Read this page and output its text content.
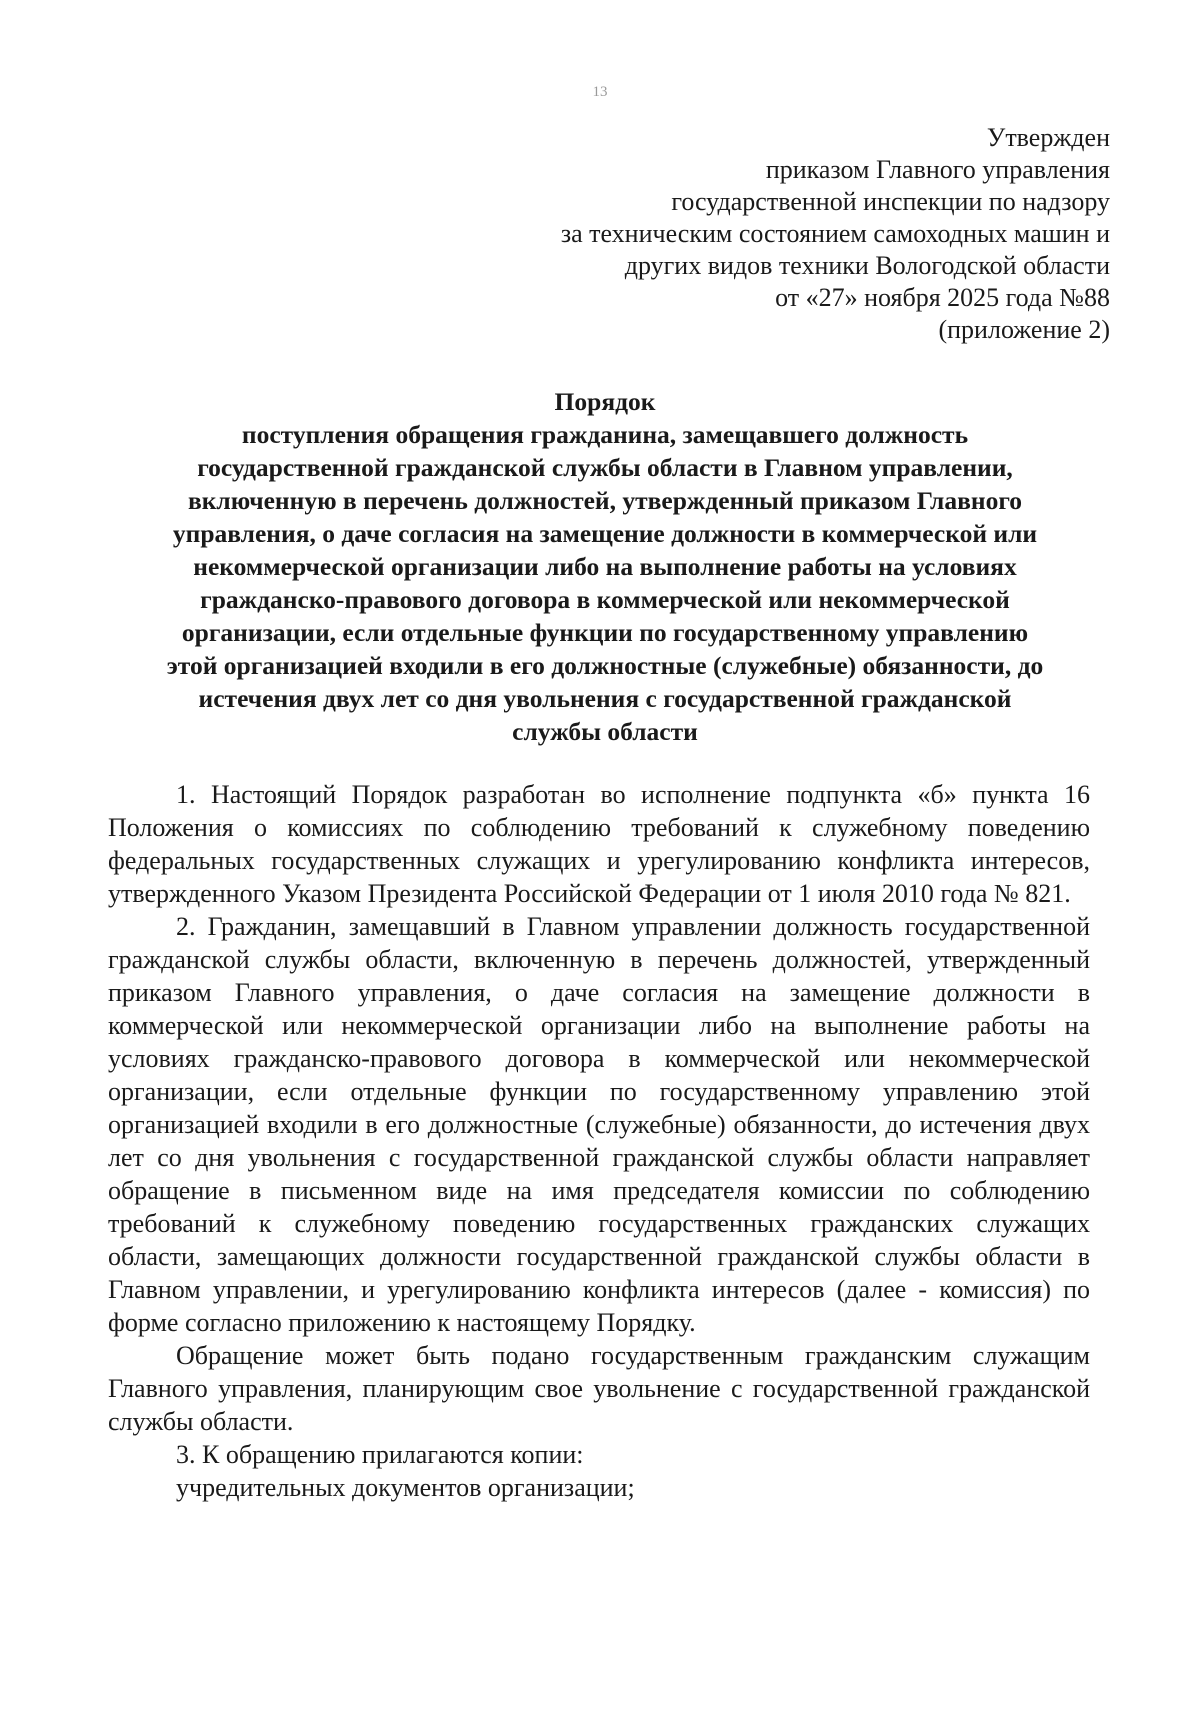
13
Утвержден
приказом Главного управления
государственной инспекции по надзору
за техническим состоянием самоходных машин и
других видов техники Вологодской области
от «27» ноября 2025 года №88
(приложение 2)
Порядок
поступления обращения гражданина, замещавшего должность
государственной гражданской службы области в Главном управлении,
включенную в перечень должностей, утвержденный приказом Главного
управления, о даче согласия на замещение должности в коммерческой или
некоммерческой организации либо на выполнение работы на условиях
гражданско-правового договора в коммерческой или некоммерческой
организации, если отдельные функции по государственному управлению
этой организацией входили в его должностные (служебные) обязанности, до
истечения двух лет со дня увольнения с государственной гражданской
службы области

1. Настоящий Порядок разработан во исполнение подпункта «б» пункта 16 Положения о комиссиях по соблюдению требований к служебному поведению федеральных государственных служащих и урегулированию конфликта интересов, утвержденного Указом Президента Российской Федерации от 1 июля 2010 года № 821.

2. Гражданин, замещавший в Главном управлении должность государственной гражданской службы области, включенную в перечень должностей, утвержденный приказом Главного управления, о даче согласия на замещение должности в коммерческой или некоммерческой организации либо на выполнение работы на условиях гражданско-правового договора в коммерческой или некоммерческой организации, если отдельные функции по государственному управлению этой организацией входили в его должностные (служебные) обязанности, до истечения двух лет со дня увольнения с государственной гражданской службы области направляет обращение в письменном виде на имя председателя комиссии по соблюдению требований к служебному поведению государственных гражданских служащих области, замещающих должности государственной гражданской службы области в Главном управлении, и урегулированию конфликта интересов (далее - комиссия) по форме согласно приложению к настоящему Порядку.

Обращение может быть подано государственным гражданским служащим Главного управления, планирующим свое увольнение с государственной гражданской службы области.

3. К обращению прилагаются копии:

учредительных документов организации;
